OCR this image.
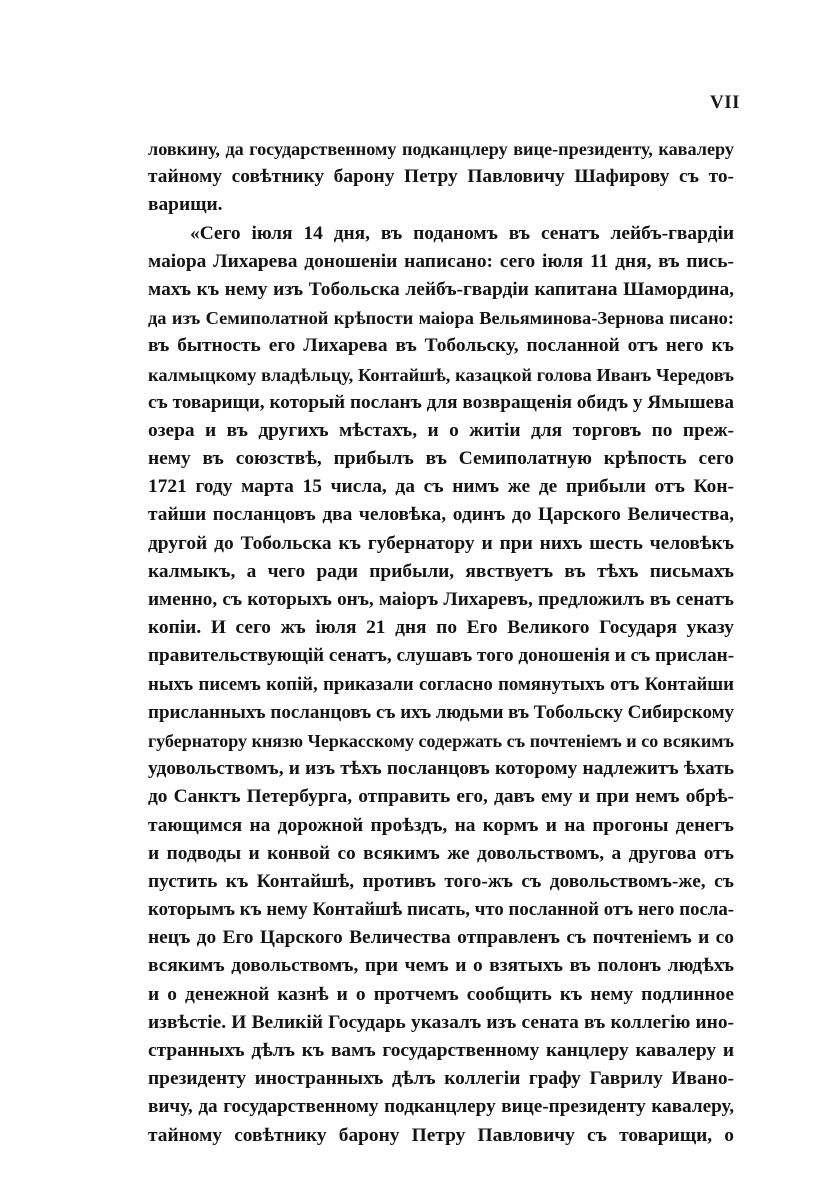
VII
ловкину, да государственному подканцлеру вице-президенту, кавалеру
тайному совѣтнику барону Петру Павловичу Шафирову съ то-
варищи.
«Сего іюля 14 дня, въ поданомъ въ сенатъ лейбъ-гвардіи
маіора Лихарева доношеніи написано: сего іюля 11 дня, въ пись-
махъ къ нему изъ Тобольска лейбъ-гвардіи капитана Шамордина,
да изъ Семиполатной крѣпости маіора Вельяминова-Зернова писано:
въ бытность его Лихарева въ Тобольску, посланной отъ него къ
калмыцкому владѣльцу, Контайшѣ, казацкой голова Иванъ Чередовъ
съ товарищи, который посланъ для возвращенія обидъ у Ямышева
озера и въ другихъ мѣстахъ, и о житіи для торговъ по преж-
нему въ союзствѣ, прибылъ въ Семиполатную крѣпость сего
1721 году марта 15 числа, да съ нимъ же де прибыли отъ Кон-
тайши посланцовъ два человѣка, одинъ до Царского Величества,
другой до Тобольска къ губернатору и при нихъ шесть человѣкъ
калмыкъ, а чего ради прибыли, явствуетъ въ тѣхъ письмахъ
именно, съ которыхъ онъ, маіоръ Лихаревъ, предложилъ въ сенатъ
копіи. И сего жъ іюля 21 дня по Его Великого Государя указу
правительствующій сенатъ, слушавъ того доношенія и съ прислан-
ныхъ писемъ копій, приказали согласно помянутыхъ отъ Контайши
присланныхъ посланцовъ съ ихъ людьми въ Тобольску Сибирскому
губернатору князю Черкасскому содержать съ почтеніемъ и со всякимъ
удовольствомъ, и изъ тѣхъ посланцовъ которому надлежитъ ѣхать
до Санктъ Петербурга, отправить его, давъ ему и при немъ обрѣ-
тающимся на дорожной проѣздъ, на кормъ и на прогоны денегъ
и подводы и конвой со всякимъ же довольствомъ, а другова отъ
пустить къ Контайшѣ, противъ того-жъ съ довольствомъ-же, съ
которымъ къ нему Контайшѣ писать, что посланной отъ него посла-
нецъ до Его Царского Величества отправленъ съ почтеніемъ и со
всякимъ довольствомъ, при чемъ и о взятыхъ въ полонъ людѣхъ
и о денежной казнѣ и о протчемъ сообщить къ нему подлинное
извѣстіе. И Великій Государь указалъ изъ сената въ коллегію ино-
странныхъ дѣлъ къ вамъ государственному канцлеру кавалеру и
президенту иностранныхъ дѣлъ коллегіи графу Гаврилу Ивано-
вичу, да государственному подканцлеру вице-президенту кавалеру,
тайному совѣтнику барону Петру Павловичу съ товарищи, о
